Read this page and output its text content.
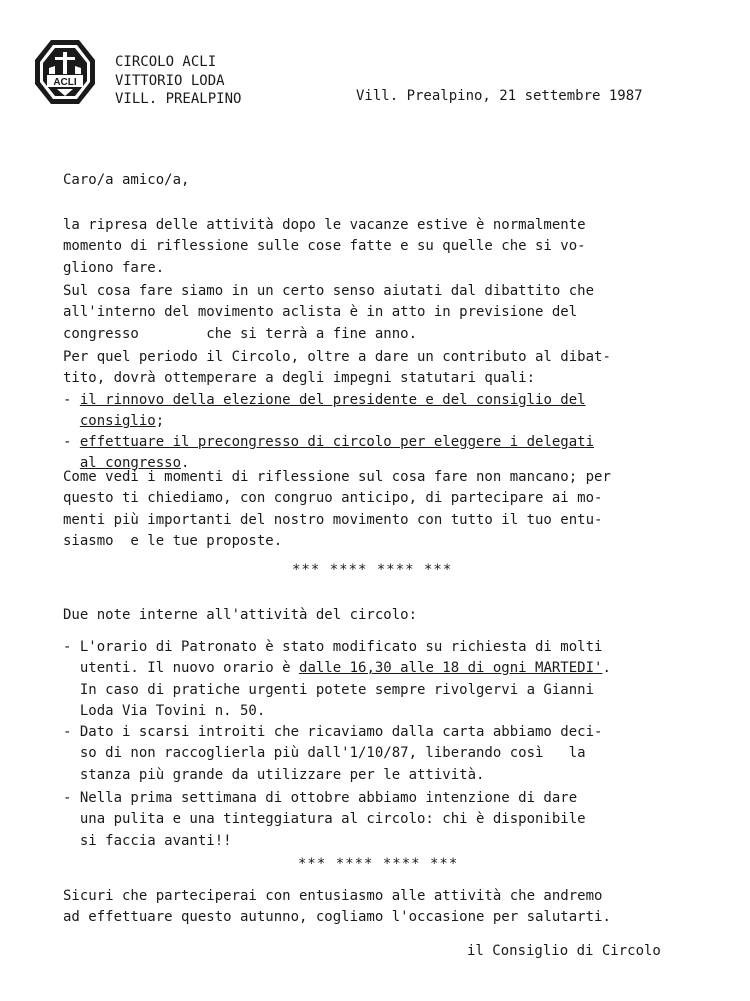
ACLI
CIRCOLO ACLI
VITTORIO LODA
VILL. PREALPINO	Vill. Prealpino, 21 settembre 1987
Caro/a amico/a,
la ripresa delle attività dopo le vacanze estive è normalmente
momento di riflessione sulle cose fatte e su quelle che si vo-
gliono fare.
Sul cosa fare siamo in un certo senso aiutati dal dibattito che
all'interno del movimento aclista è in atto in previsione del
congresso        che si terrà a fine anno.
Per quel periodo il Circolo, oltre a dare un contributo al dibat-
tito, dovrà ottemperare a degli impegni statutari quali:
- il rinnovo della elezione del presidente e del consiglio del
consiglio;
- effettuare il precongresso di circolo per eleggere i delegati
al congresso.
Come vedi i momenti di riflessione sul cosa fare non mancano; per
questo ti chiediamo, con congruo anticipo, di partecipare ai mo-
menti più importanti del nostro movimento con tutto il tuo entu-
siasmo  e le tue proposte.
*** **** **** ***
Due note interne all'attività del circolo:
- L'orario di Patronato è stato modificato su richiesta di molti
utenti. Il nuovo orario è dalle 16,30 alle 18 di ogni MARTEDI'.
In caso di pratiche urgenti potete sempre rivolgervi a Gianni
Loda Via Tovini n. 50.
- Dato i scarsi introiti che ricaviamo dalla carta abbiamo deci-
so di non raccoglierla più dall'1/10/87, liberando così   la
stanza più grande da utilizzare per le attività.
- Nella prima settimana di ottobre abbiamo intenzione di dare
una pulita e una tinteggiatura al circolo: chi è disponibile
si faccia avanti!!
*** **** **** ***
Sicuri che parteciperai con entusiasmo alle attività che andremo
ad effettuare questo autunno, cogliamo l'occasione per salutarti.
il Consiglio di Circolo
